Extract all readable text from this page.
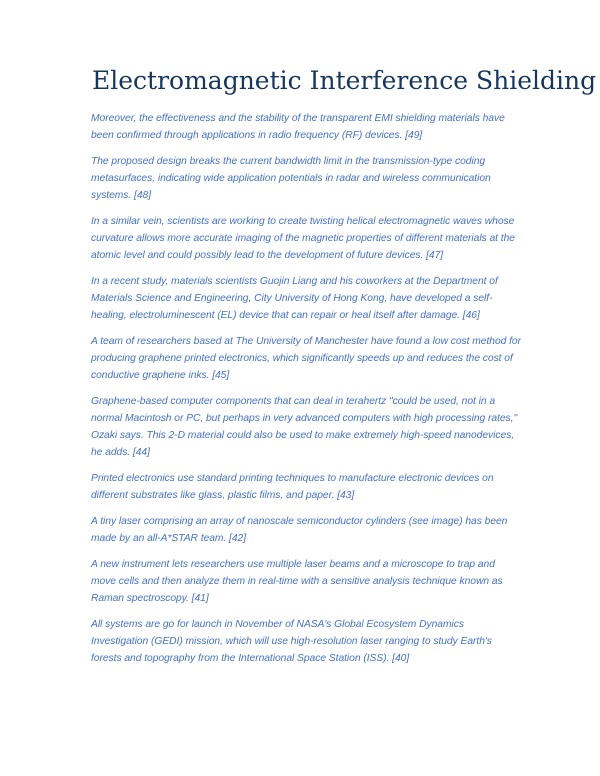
Electromagnetic Interference Shielding

Moreover, the effectiveness and the stability of the transparent EMI shielding materials have been confirmed through applications in radio frequency (RF) devices. [49]

The proposed design breaks the current bandwidth limit in the transmission-type coding metasurfaces, indicating wide application potentials in radar and wireless communication systems. [48]

In a similar vein, scientists are working to create twisting helical electromagnetic waves whose curvature allows more accurate imaging of the magnetic properties of different materials at the atomic level and could possibly lead to the development of future devices. [47]

In a recent study, materials scientists Guojin Liang and his coworkers at the Department of Materials Science and Engineering, City University of Hong Kong, have developed a self-healing, electroluminescent (EL) device that can repair or heal itself after damage. [46]

A team of researchers based at The University of Manchester have found a low cost method for producing graphene printed electronics, which significantly speeds up and reduces the cost of conductive graphene inks. [45]

Graphene-based computer components that can deal in terahertz "could be used, not in a normal Macintosh or PC, but perhaps in very advanced computers with high processing rates," Ozaki says. This 2-D material could also be used to make extremely high-speed nanodevices, he adds. [44]

Printed electronics use standard printing techniques to manufacture electronic devices on different substrates like glass, plastic films, and paper. [43]

A tiny laser comprising an array of nanoscale semiconductor cylinders (see image) has been made by an all-A*STAR team. [42]

A new instrument lets researchers use multiple laser beams and a microscope to trap and move cells and then analyze them in real-time with a sensitive analysis technique known as Raman spectroscopy. [41]

All systems are go for launch in November of NASA's Global Ecosystem Dynamics Investigation (GEDI) mission, which will use high-resolution laser ranging to study Earth's forests and topography from the International Space Station (ISS). [40]
